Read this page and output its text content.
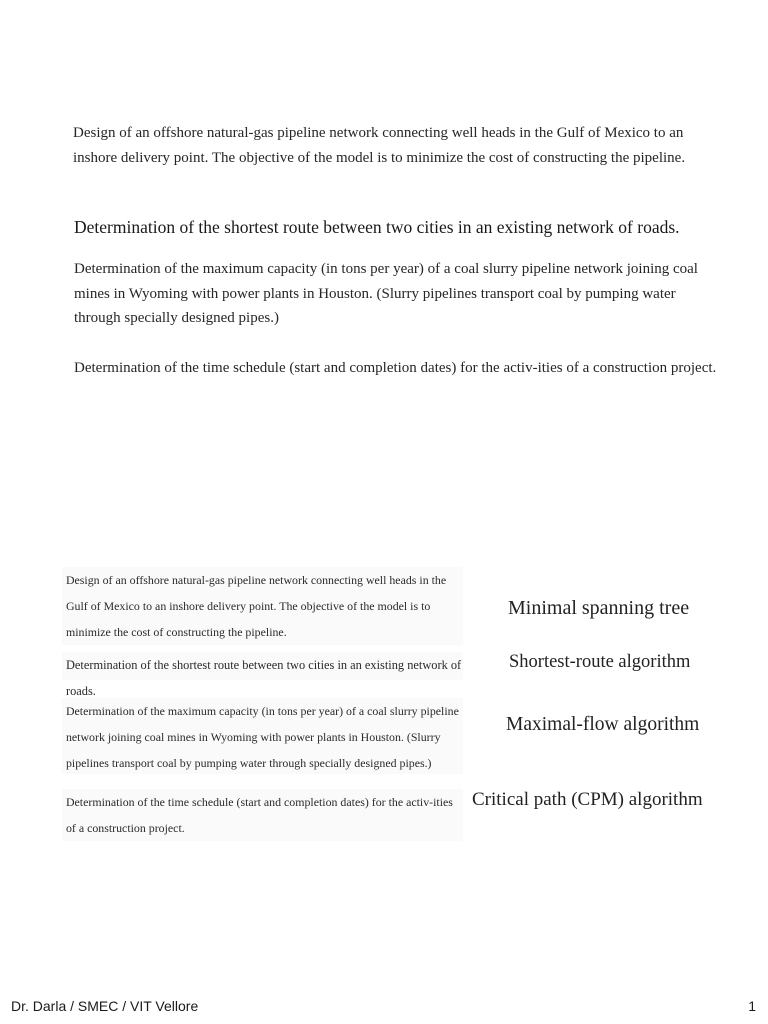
Design of an offshore natural-gas pipeline network connecting well heads in the Gulf of Mexico to an inshore delivery point. The objective of the model is to minimize the cost of constructing the pipeline.

Determination of the shortest route between two cities in an existing network of roads.

Determination of the maximum capacity (in tons per year) of a coal slurry pipeline network joining coal mines in Wyoming with power plants in Houston. (Slurry pipelines transport coal by pumping water through specially designed pipes.)

Determination of the time schedule (start and completion dates) for the activ-ities of a construction project.

Design of an offshore natural-gas pipeline network connecting well heads in the Gulf of Mexico to an inshore delivery point. The objective of the model is to minimize the cost of constructing the pipeline.
Minimal spanning tree
Determination of the shortest route between two cities in an existing network of roads.
Shortest-route algorithm
Determination of the maximum capacity (in tons per year) of a coal slurry pipeline network joining coal mines in Wyoming with power plants in Houston. (Slurry pipelines transport coal by pumping water through specially designed pipes.)
Maximal-flow algorithm
Determination of the time schedule (start and completion dates) for the activ-ities of a construction project.
Critical path (CPM) algorithm
Dr. Darla / SMEC / VIT Vellore	1
